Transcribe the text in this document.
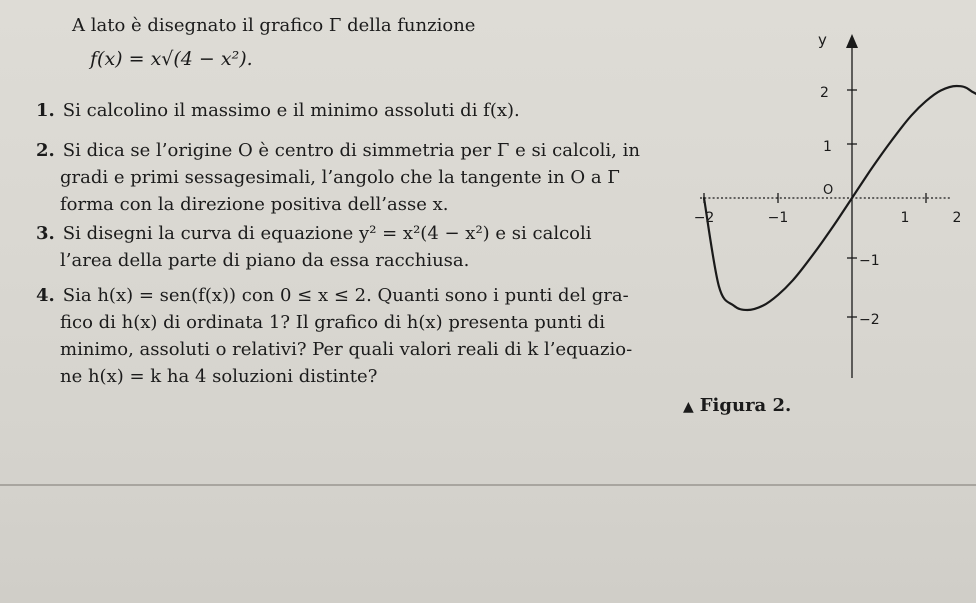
A lato è disegnato il grafico Γ della funzione
f(x) = x√(4 − x²).
1. Si calcolino il massimo e il minimo assoluti di f(x).
2. Si dica se l’origine O è centro di simmetria per Γ e si calcoli, in
gradi e primi sessagesimali, l’angolo che la tangente in O a Γ
forma con la direzione positiva dell’asse x.
3. Si disegni la curva di equazione y² = x²(4 − x²) e si calcoli
l’area della parte di piano da essa racchiusa.
4. Sia h(x) = sen(f(x)) con 0 ≤ x ≤ 2. Quanti sono i punti del gra-
fico di h(x) di ordinata 1? Il grafico di h(x) presenta punti di
minimo, assoluti o relativi? Per quali valori reali di k l’equazio-
ne h(x) = k ha 4 soluzioni distinte?
y
O
−2	−1	1	2
2
1
−1
−2
▲ Figura 2.
